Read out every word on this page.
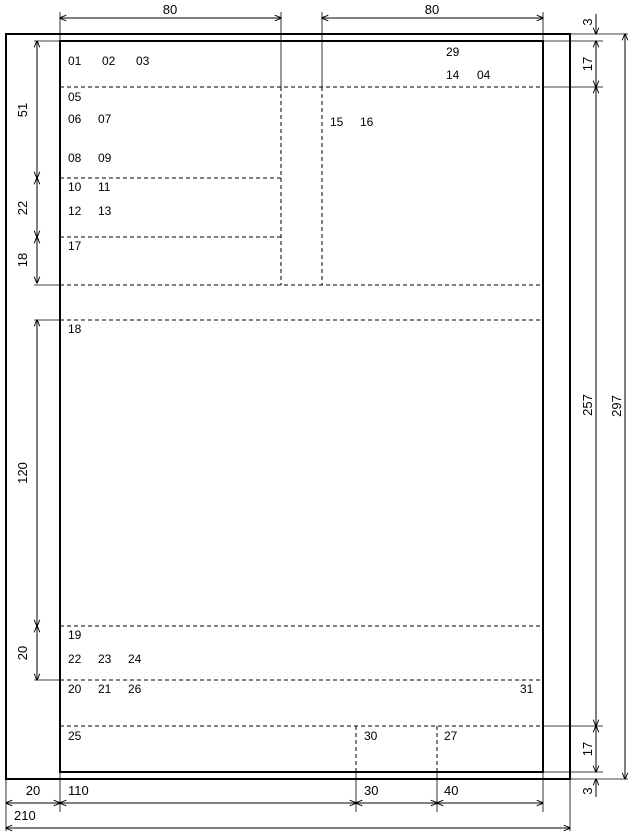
01 02 03
29
14 04
05
06 07	15 16
08 09
10 11
12 13
17
18
19
22 23 24
20 21 26	31
25	30	27
80	80
51
22
18
120
20
3
17
257 297
17
3
20 110	30	40
210
